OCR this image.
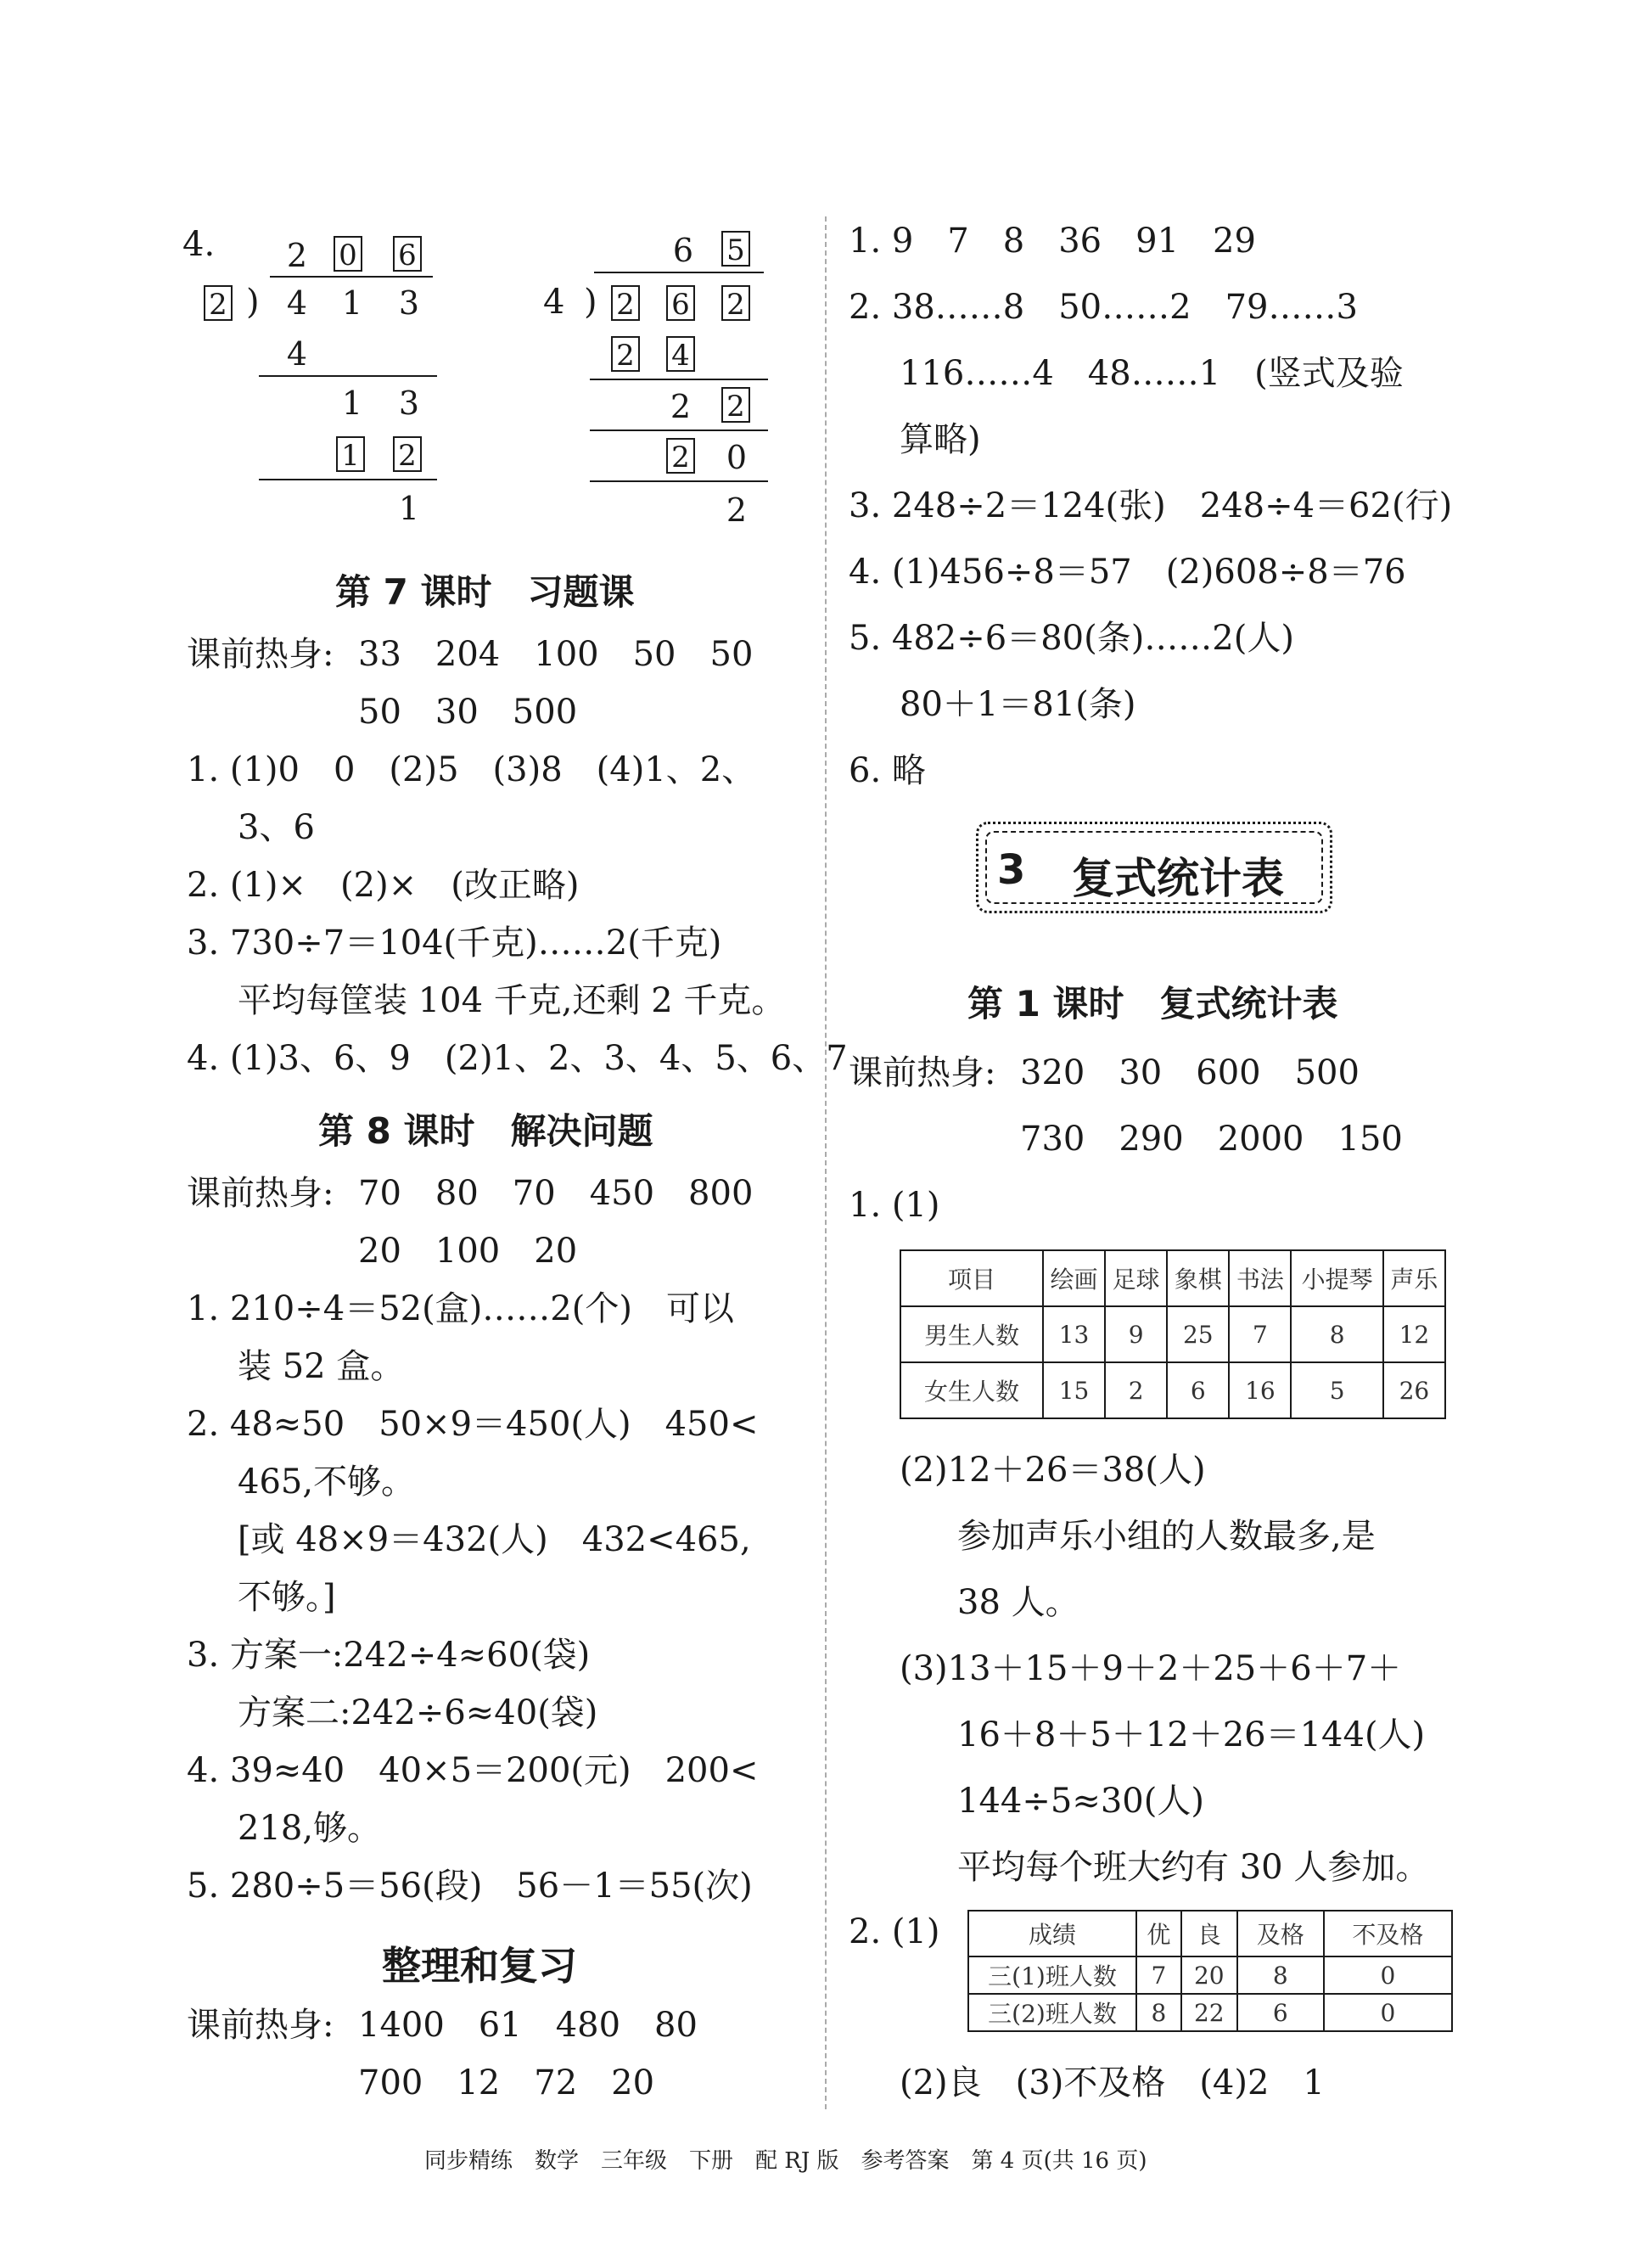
4. 2 0 6
2 ) 4 1 3
4
1 3
1 2
1
6 5
4 ) 2 6 2
2 4
2 2
2 0
2
第 7 课时　习题课
课前热身: 33　204　100　50　50
50　30　500
1. (1)0　0　(2)5　(3)8　(4)1、2、
3、6
2. (1)×　(2)×　(改正略)
3. 730÷7＝104(千克)……2(千克)
平均每筐装 104 千克,还剩 2 千克。
4. (1)3、6、9　(2)1、2、3、4、5、6、7
第 8 课时　解决问题
课前热身: 70　80　70　450　800
20　100　20
1. 210÷4＝52(盒)……2(个)　可以
装 52 盒。
2. 48≈50　50×9＝450(人)　450<
465,不够。
[或 48×9＝432(人)　432<465,
不够。]
3. 方案一:242÷4≈60(袋)
方案二:242÷6≈40(袋)
4. 39≈40　40×5＝200(元)　200<
218,够。
5. 280÷5＝56(段)　56－1＝55(次)
整理和复习
课前热身: 1400　61　480　80
700　12　72　20
1. 9　7　8　36　91　29
2. 38……8　50……2　79……3
116……4　48……1　(竖式及验
算略)
3. 248÷2＝124(张)　248÷4＝62(行)
4. (1)456÷8＝57　(2)608÷8＝76
5. 482÷6＝80(条)……2(人)
80＋1＝81(条)
6. 略
3 复式统计表
第 1 课时　复式统计表
课前热身: 320　30　600　500
730　290　2000　150
1. (1)
项目	绘画	足球	象棋	书法	小提琴	声乐
男生人数	13	9	25	7	8	12
女生人数	15	2	6	16	5	26
(2)12＋26＝38(人)
参加声乐小组的人数最多,是
38 人。
(3)13＋15＋9＋2＋25＋6＋7＋
16＋8＋5＋12＋26＝144(人)
144÷5≈30(人)
平均每个班大约有 30 人参加。
2. (1)	成绩	优	良	及格	不及格
三(1)班人数	7	20	8	0
三(2)班人数	8	22	6	0
(2)良　(3)不及格　(4)2　1
同步精练　数学　三年级　下册　配 RJ 版　参考答案　第 4 页(共 16 页)
